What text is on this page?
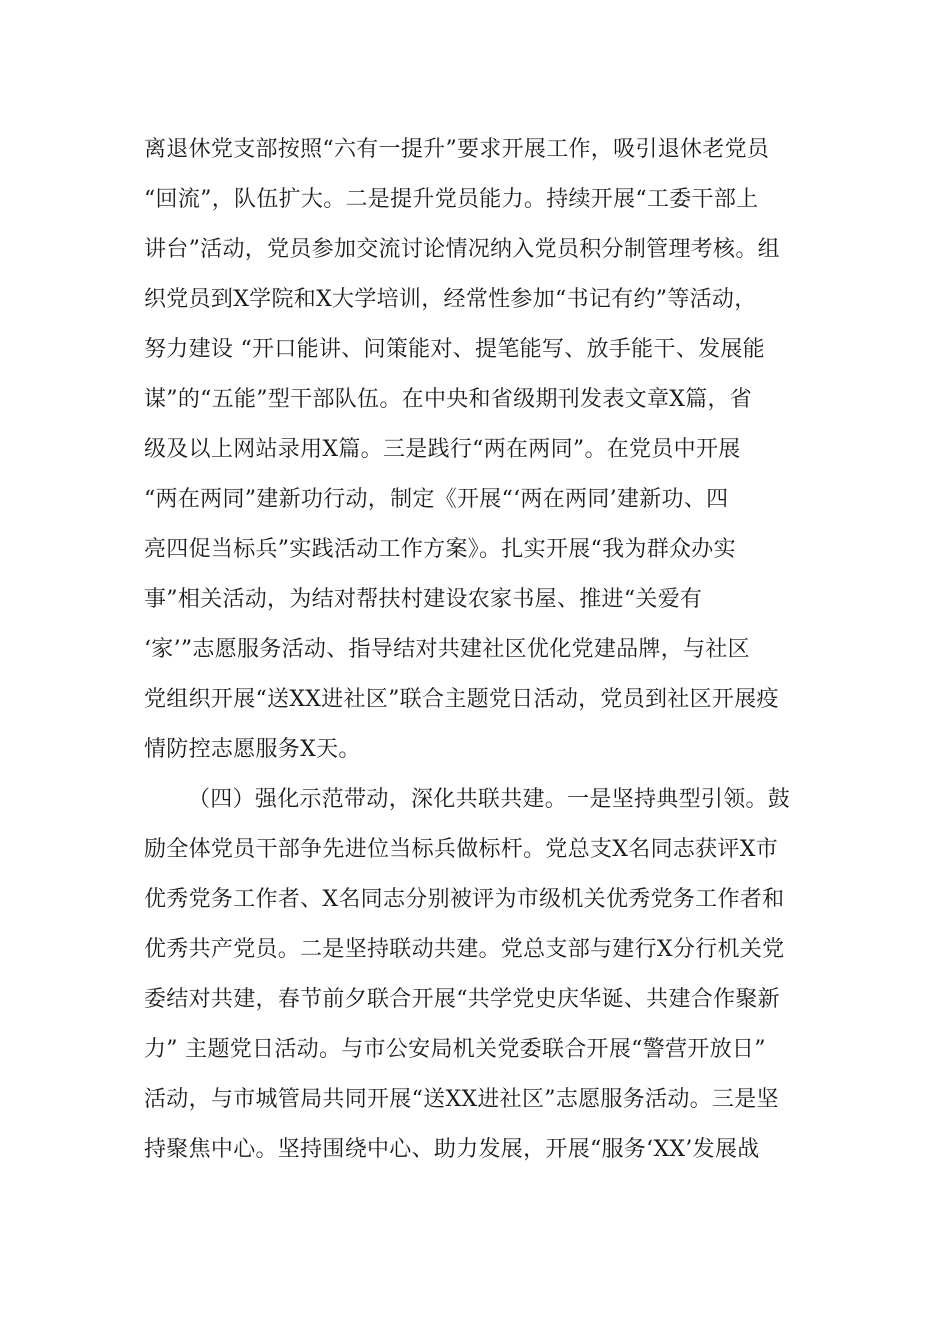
离退休党支部按照“六有一提升”要求开展工作，吸引退休老党员
“回流”，队伍扩大。二是提升党员能力。持续开展“工委干部上
讲台”活动，党员参加交流讨论情况纳入党员积分制管理考核。组
织党员到X学院和X大学培训，经常性参加“书记有约”等活动，
努力建设 “开口能讲、问策能对、提笔能写、放手能干、发展能
谋”的“五能”型干部队伍。在中央和省级期刊发表文章X篇，省
级及以上网站录用X篇。三是践行“两在两同”。在党员中开展
“两在两同”建新功行动，制定《开展“‘两在两同’建新功、四
亮四促当标兵”实践活动工作方案》。扎实开展“我为群众办实
事”相关活动，为结对帮扶村建设农家书屋、推进“关爱有
‘家’”志愿服务活动、指导结对共建社区优化党建品牌，与社区
党组织开展“送XX进社区”联合主题党日活动，党员到社区开展疫
情防控志愿服务X天。
（四）强化示范带动，深化共联共建。一是坚持典型引领。鼓
励全体党员干部争先进位当标兵做标杆。党总支X名同志获评X市
优秀党务工作者、X名同志分别被评为市级机关优秀党务工作者和
优秀共产党员。二是坚持联动共建。党总支部与建行X分行机关党
委结对共建，春节前夕联合开展“共学党史庆华诞、共建合作聚新
力” 主题党日活动。与市公安局机关党委联合开展“警营开放日”
活动，与市城管局共同开展“送XX进社区”志愿服务活动。三是坚
持聚焦中心。坚持围绕中心、助力发展，开展“服务‘XX’发展战
